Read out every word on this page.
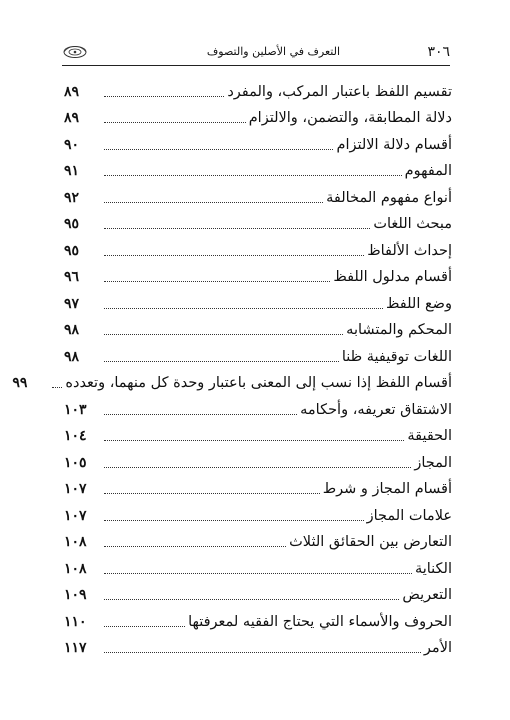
٣٠٦
التعرف في الأصلين والتصوف
تقسيم اللفظ باعتبار المركب، والمفرد
٨٩
دلالة المطابقة، والتضمن، والالتزام
٨٩
أقسام دلالة الالتزام
٩٠
المفهوم
٩١
أنواع مفهوم المخالفة
٩٢
مبحث اللغات
٩٥
إحداث الألفاظ
٩٥
أقسام مدلول اللفظ
٩٦
وضع اللفظ
٩٧
المحكم والمتشابه
٩٨
اللغات توقيفية ظنا
٩٨
أقسام اللفظ إذا نسب إلى المعنى باعتبار وحدة كل منهما، وتعدده
٩٩
الاشتقاق تعريفه، وأحكامه
١٠٣
الحقيقة
١٠٤
المجاز
١٠٥
أقسام المجاز و شرط
١٠٧
علامات المجاز
١٠٧
التعارض بين الحقائق الثلاث
١٠٨
الكناية
١٠٨
التعريض
١٠٩
الحروف والأسماء التي يحتاج الفقيه لمعرفتها
١١٠
الأمر
١١٧
